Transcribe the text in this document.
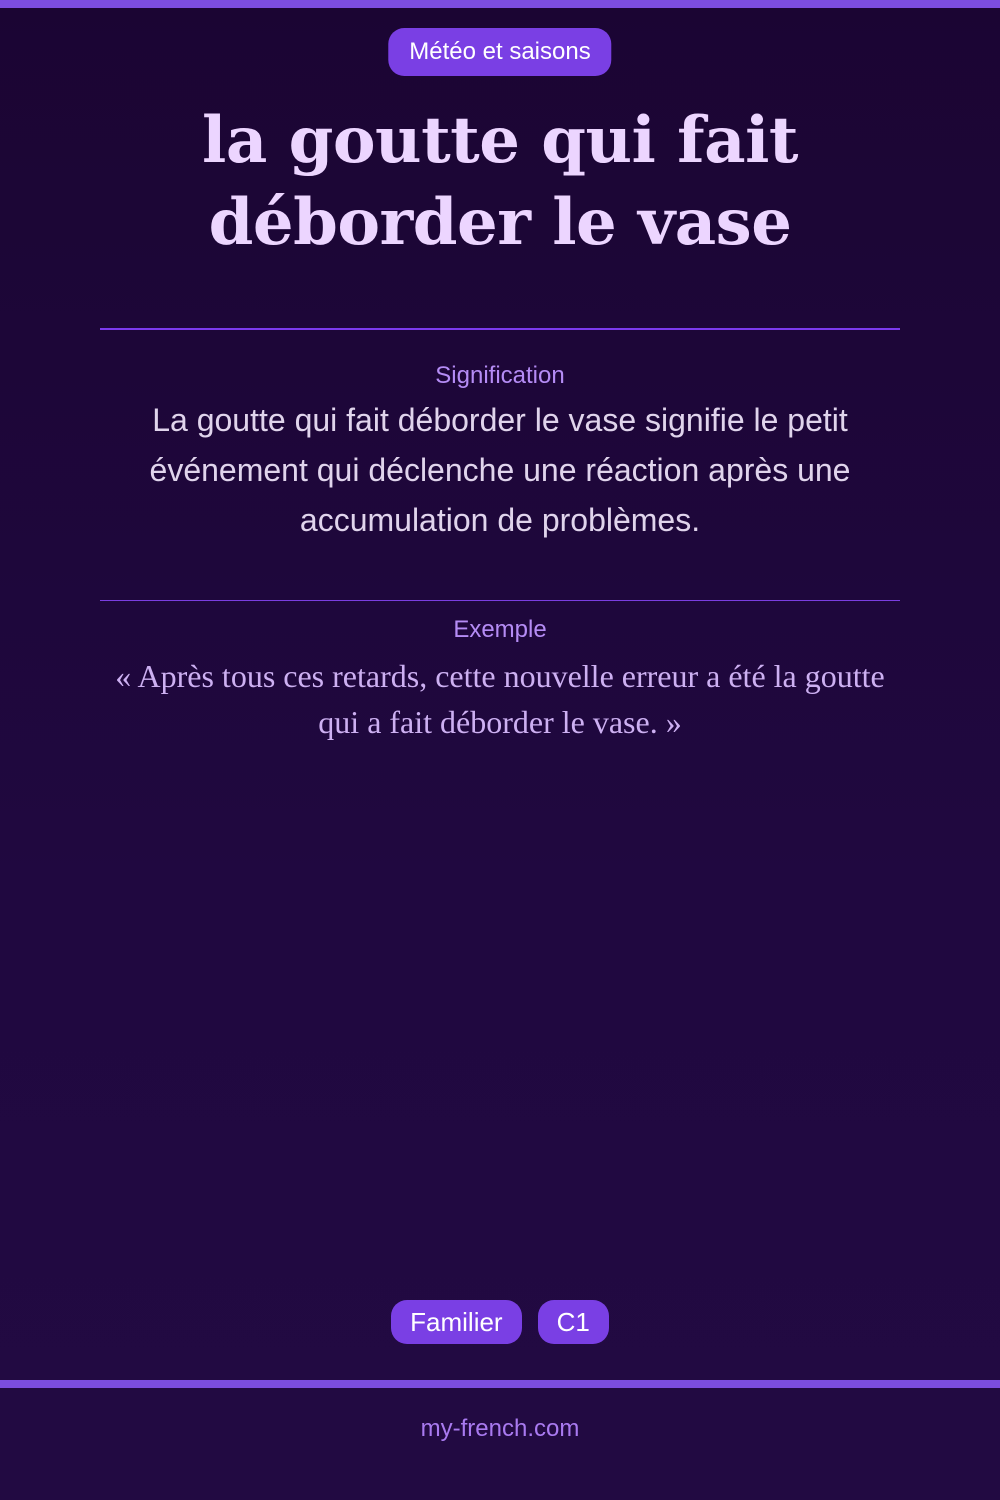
Météo et saisons
la goutte qui fait
déborder le vase
Signification

La goutte qui fait déborder le vase signifie le petit événement qui déclenche une réaction après une accumulation de problèmes.

Exemple

« Après tous ces retards, cette nouvelle erreur a été la goutte qui a fait déborder le vase. »

Familier	C1
my-french.com
